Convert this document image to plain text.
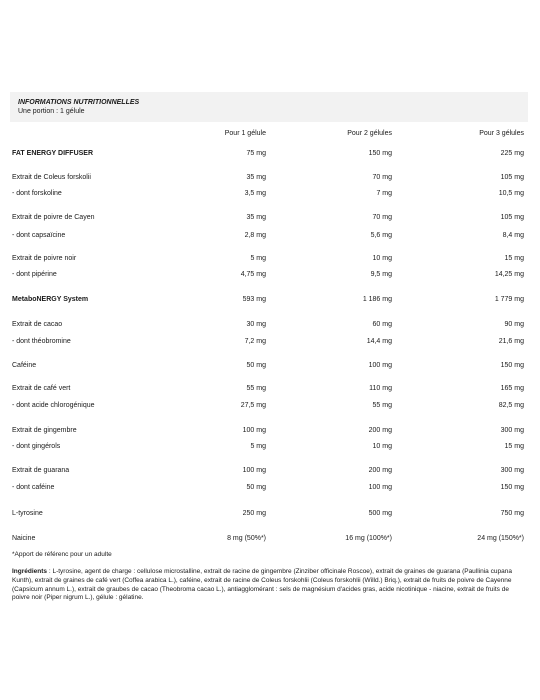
INFORMATIONS NUTRITIONNELLES
Une portion : 1 gélule
Pour 1 gélule	Pour 2 gélules	Pour 3 gélules
FAT ENERGY DIFFUSER	75 mg	150 mg	225 mg
Extrait de Coleus forskolii	35 mg	70 mg	105 mg
- dont forskoline	3,5 mg	7 mg	10,5 mg
Extrait de poivre de Cayen	35 mg	70 mg	105 mg
- dont capsaïcine	2,8 mg	5,6 mg	8,4 mg
Extrait de poivre noir	5 mg	10 mg	15 mg
- dont pipérine	4,75 mg	9,5 mg	14,25 mg
MetaboNERGY System	593 mg	1 186 mg	1 779 mg
Extrait de cacao	30 mg	60 mg	90 mg
- dont théobromine	7,2 mg	14,4 mg	21,6 mg
Caféine	50 mg	100 mg	150 mg
Extrait de café vert	55 mg	110 mg	165 mg
- dont acide chlorogénique	27,5 mg	55 mg	82,5 mg
Extrait de gingembre	100 mg	200 mg	300 mg
- dont gingérols	5 mg	10 mg	15 mg
Extrait de guarana	100 mg	200 mg	300 mg
- dont caféine	50 mg	100 mg	150 mg
L-tyrosine	250 mg	500 mg	750 mg
Naicine	8 mg (50%*)	16 mg (100%*)	24 mg (150%*)
*Apport de référenc pour un adulte
Ingrédients : L-tyrosine, agent de charge : cellulose microstalline, extrait de racine de gingembre (Zinziber officinale Roscoe), extrait de graines de guarana (Paullinia cupana Kunth), extrait de graines de café vert (Coffea arabica L.), caféine, extrait de racine de Coleus forskohlii (Coleus forskohlii (Willd.) Briq.), extrait de fruits de poivre de Cayenne (Capsicum annum L.), extrait de graubes de cacao (Theobroma cacao L.), antiagglomérant : sels de magnésium d'acides gras, acide nicotinique - niacine, extrait de fruits de poivre noir (Piper nigrum L.), gélule : gélatine.
